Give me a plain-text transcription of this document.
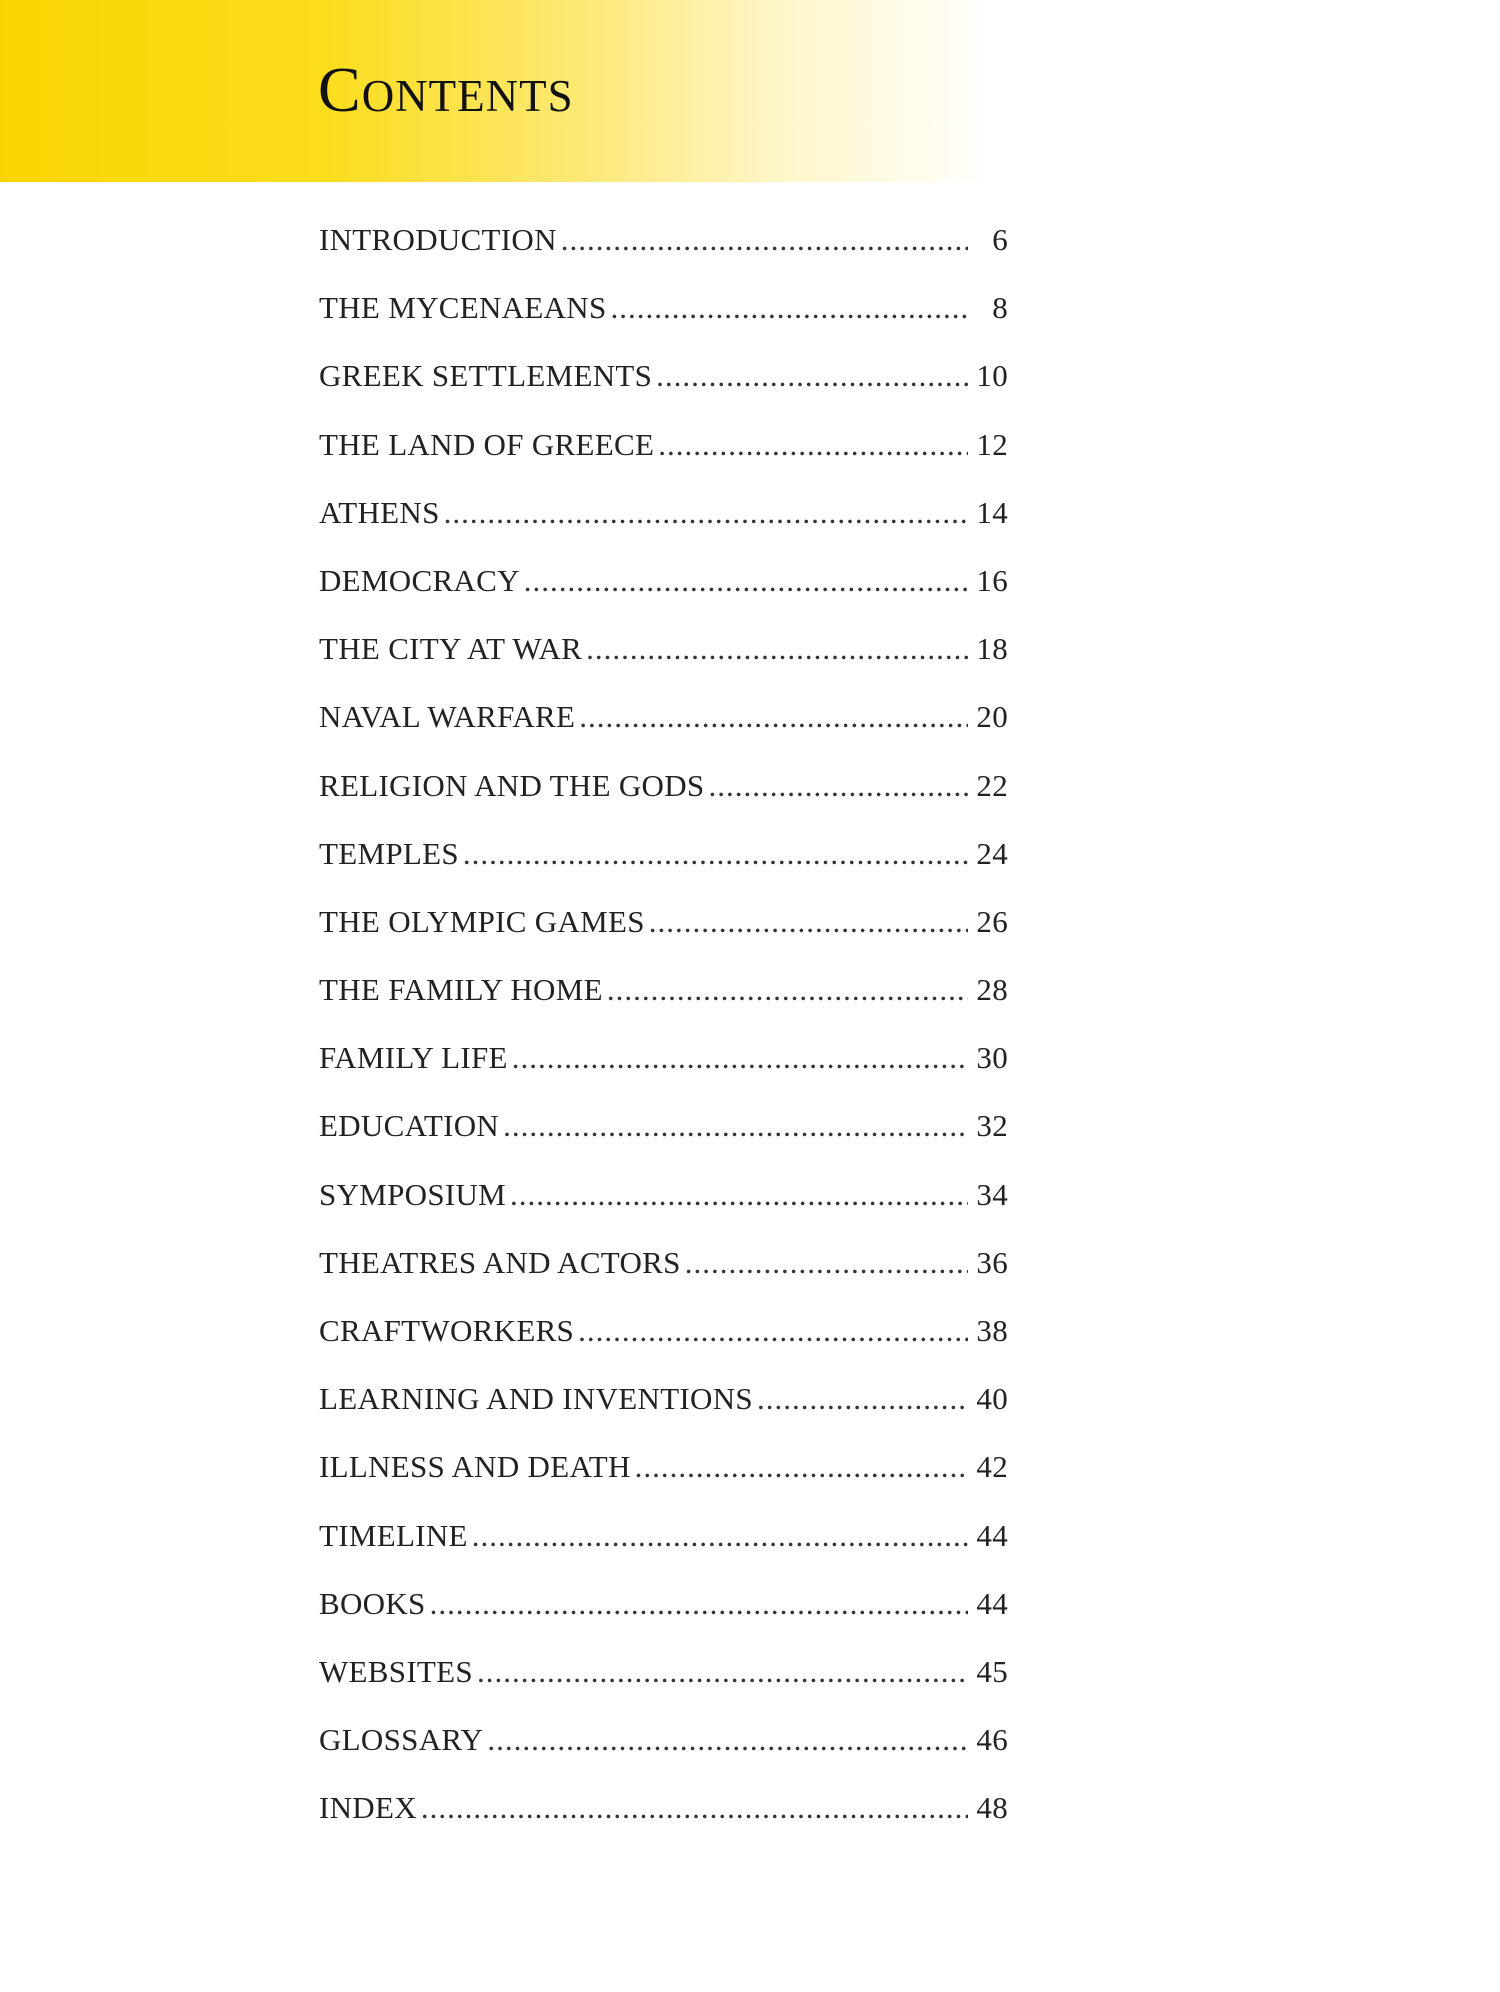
Contents
INTRODUCTION .....	6
THE MYCENAEANS .....	8
GREEK SETTLEMENTS .....	10
THE LAND OF GREECE .....	12
ATHENS .....	14
DEMOCRACY .....	16
THE CITY AT WAR .....	18
NAVAL WARFARE .....	20
RELIGION AND THE GODS .....	22
TEMPLES .....	24
THE OLYMPIC GAMES .....	26
THE FAMILY HOME .....	28
FAMILY LIFE .....	30
EDUCATION .....	32
SYMPOSIUM .....	34
THEATRES AND ACTORS .....	36
CRAFTWORKERS .....	38
LEARNING AND INVENTIONS .....	40
ILLNESS AND DEATH .....	42
TIMELINE .....	44
BOOKS .....	44
WEBSITES .....	45
GLOSSARY .....	46
INDEX .....	48
